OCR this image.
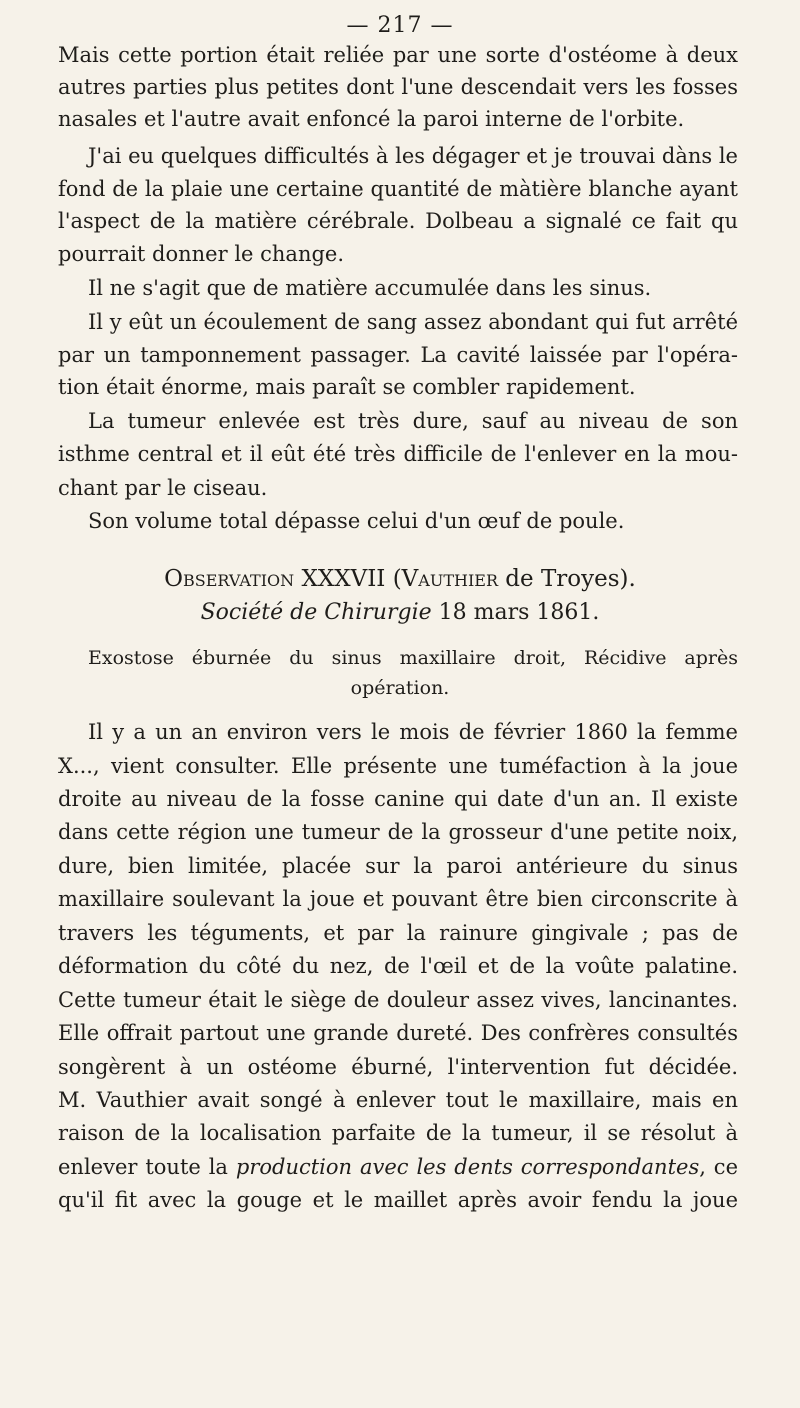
— 217 —
Mais cette portion était reliée par une sorte d'ostéome à deux
autres parties plus petites dont l'une descendait vers les fosses
nasales et l'autre avait enfoncé la paroi interne de l'orbite.
J'ai eu quelques difficultés à les dégager et je trouvai dàns le
fond de la plaie une certaine quantité de màtière blanche ayant
l'aspect de la matière cérébrale. Dolbeau a signalé ce fait qu
pourrait donner le change.
Il ne s'agit que de matière accumulée dans les sinus.
Il y eût un écoulement de sang assez abondant qui fut arrêté
par un tamponnement passager. La cavité laissée par l'opéra-
tion était énorme, mais paraît se combler rapidement.
La tumeur enlevée est très dure, sauf au niveau de son
isthme central et il eût été très difficile de l'enlever en la mou-
chant par le ciseau.
Son volume total dépasse celui d'un œuf de poule.
Observation XXXVII (Vauthier de Troyes).
Société de Chirurgie 18 mars 1861.
Exostose éburnée du sinus maxillaire droit, Récidive après
opération.
Il y a un an environ vers le mois de février 1860 la femme
X..., vient consulter. Elle présente une tuméfaction à la joue
droite au niveau de la fosse canine qui date d'un an. Il existe
dans cette région une tumeur de la grosseur d'une petite noix,
dure, bien limitée, placée sur la paroi antérieure du sinus
maxillaire soulevant la joue et pouvant être bien circonscrite à
travers les téguments, et par la rainure gingivale ; pas de
déformation du côté du nez, de l'œil et de la voûte palatine.
Cette tumeur était le siège de douleur assez vives, lancinantes.
Elle offrait partout une grande dureté. Des confrères consultés
songèrent à un ostéome éburné, l'intervention fut décidée.
M. Vauthier avait songé à enlever tout le maxillaire, mais en
raison de la localisation parfaite de la tumeur, il se résolut à
enlever toute la production avec les dents correspondantes, ce
qu'il fit avec la gouge et le maillet après avoir fendu la joue
